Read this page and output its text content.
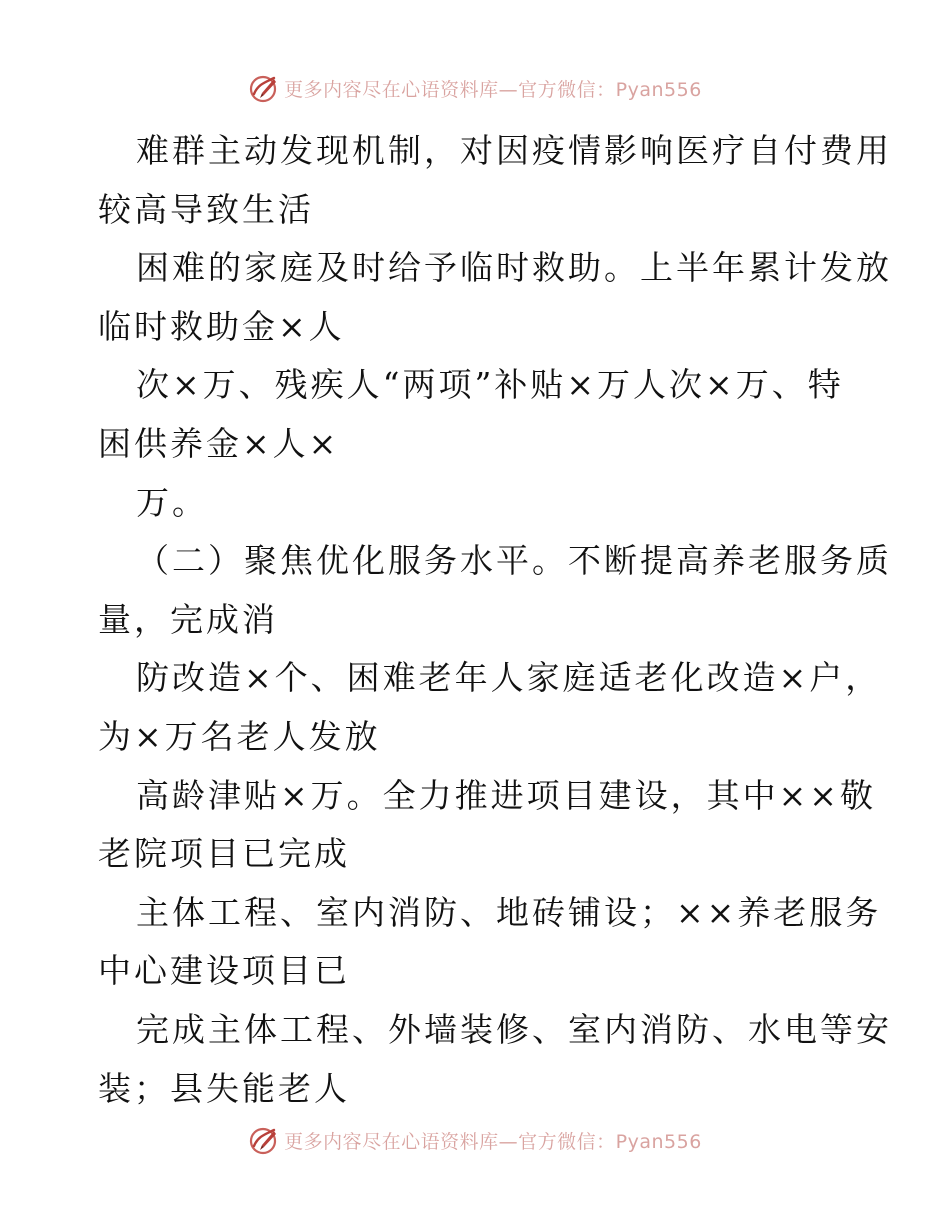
更多内容尽在心语资料库—官方微信：Pyan556
难群主动发现机制，对因疫情影响医疗自付费用
较高导致生活
困难的家庭及时给予临时救助。上半年累计发放
临时救助金×人
次×万、残疾人“两项”补贴×万人次×万、特
困供养金×人×
万。
（二）聚焦优化服务水平。不断提高养老服务质
量，完成消
防改造×个、困难老年人家庭适老化改造×户，
为×万名老人发放
高龄津贴×万。全力推进项目建设，其中××敬
老院项目已完成
主体工程、室内消防、地砖铺设；××养老服务
中心建设项目已
完成主体工程、外墙装修、室内消防、水电等安
装；县失能老人
更多内容尽在心语资料库—官方微信：Pyan556
